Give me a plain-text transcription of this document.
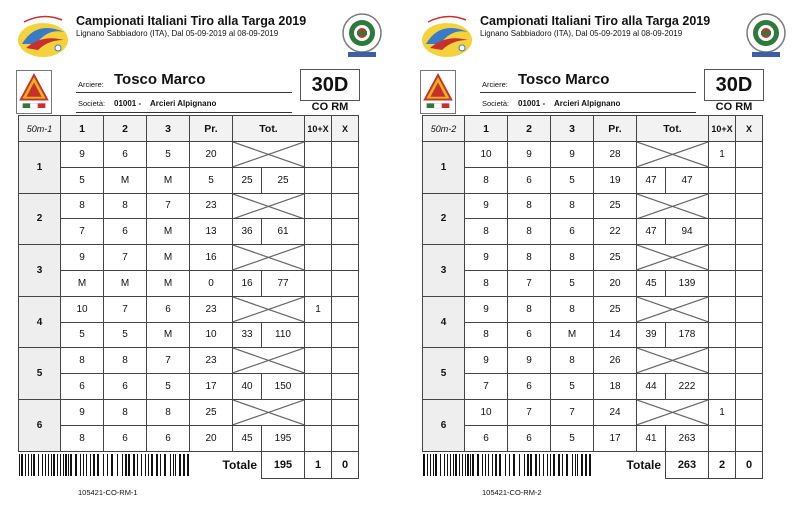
Campionati Italiani Tiro alla Targa 2019
Lignano Sabbiadoro (ITA), Dal 05-09-2019 al 08-09-2019
Arciere: Tosco Marco
Società: 01001 - Arcieri Alpignano
30D
CO RM
50m-1	1	2	3	Pr.	Tot.		10+X	X
1	9	6	5	20	

	5	M	M	5	25	25		
2	8	8	7	23	

	7	6	M	13	36	61		
3	9	7	M	16	

	M	M	M	0	16	77		
4	10	7	6	23			1	
	5	5	M	10	33	110		
5	8	8	7	23	

	6	6	5	17	40	150		
6	9	8	8	25	

	8	6	6	20	45	195		
	Totale		195	1	0
105421-CO-RM-1
Campionati Italiani Tiro alla Targa 2019
Lignano Sabbiadoro (ITA), Dal 05-09-2019 al 08-09-2019
Arciere: Tosco Marco
Società: 01001 - Arcieri Alpignano
30D
CO RM
50m-2	1	2	3	Pr.	Tot.		10+X	X
1	10	9	9	28			1	
	8	6	5	19	47	47		
2	9	8	8	25	

	8	8	6	22	47	94		
3	9	8	8	25	

	8	7	5	20	45	139		
4	9	8	8	25	

	8	6	M	14	39	178		
5	9	9	8	26	

	7	6	5	18	44	222		
6	10	7	7	24			1	
	6	6	5	17	41	263		
	Totale		263	2	0
105421-CO-RM-2
